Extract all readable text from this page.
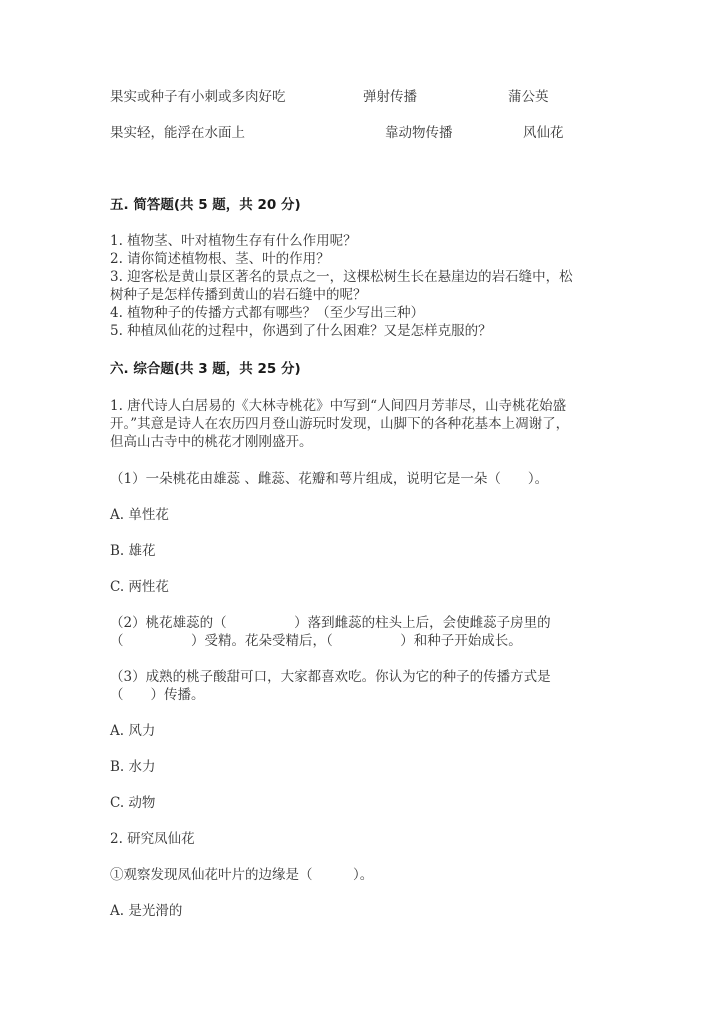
果实或种子有小刺或多肉好吃	弹射传播	蒲公英
果实轻，能浮在水面上	靠动物传播	风仙花
五. 简答题(共 5 题，共 20 分)
1. 植物茎、叶对植物生存有什么作用呢？
2. 请你简述植物根、茎、叶的作用？
3. 迎客松是黄山景区著名的景点之一，这棵松树生长在悬崖边的岩石缝中，松
树种子是怎样传播到黄山的岩石缝中的呢？
4. 植物种子的传播方式都有哪些？（至少写出三种）
5. 种植凤仙花的过程中，你遇到了什么困难？又是怎样克服的？
六. 综合题(共 3 题，共 25 分)
1. 唐代诗人白居易的《大林寺桃花》中写到“人间四月芳菲尽，山寺桃花始盛
开。”其意是诗人在农历四月登山游玩时发现，山脚下的各种花基本上凋谢了，
但高山古寺中的桃花才刚刚盛开。
（1）一朵桃花由雄蕊 、雌蕊、花瓣和萼片组成，说明它是一朵（　　）。
A. 单性花
B. 雄花
C. 两性花
（2）桃花雄蕊的（　　　　　）落到雌蕊的柱头上后，会使雌蕊子房里的
（　　　　　）受精。花朵受精后，（　　　　　）和种子开始成长。
（3）成熟的桃子酸甜可口，大家都喜欢吃。你认为它的种子的传播方式是
（　　）传播。
A. 风力
B. 水力
C. 动物
2. 研究凤仙花
①观察发现凤仙花叶片的边缘是（　　　）。
A. 是光滑的
